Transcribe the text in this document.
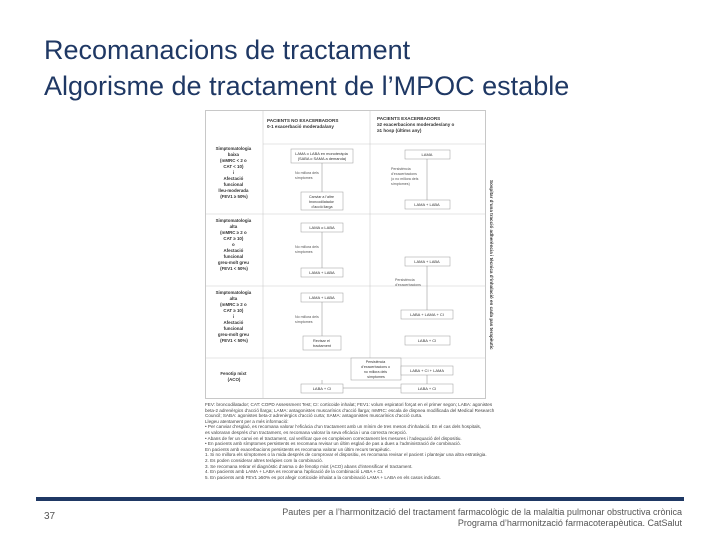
Recomanacions de tractament
Algorisme de tractament de l’MPOC estable
PACIENTS NO EXACERBADORS 0-1 exacerbació moderada/any
PACIENTS EXACERBADORS ≥2 exacerbacions moderades/any o ≥1 hosp (últims any)
Sospitar d’una tracció adherència i tècnica d’inhalació en cada pas terapèutic
Simptomatologia baixa (mMRC < 2 o CAT < 10) i Afectació funcional lleu-moderada (FEV1 ≥ 50%)
LAMA o LABA en monoteràpia (SABA o SAMA a demanda)
No millora dels símptomes
Canviar a l’altre broncodilatador d’acció llarga
LAMA
Persistència d’exacerbacions (o no millora dels símptomes)
LAMA + LABA
Simptomatologia alta (mMRC ≥ 2 o CAT ≥ 10) o Afectació funcional greu-molt greu (FEV1 < 50%)
LAMA o LABA
No millora dels símptomes
LAMA + LABA
LAMA + LABA
Persistència d’exacerbacions
LABA + LAMA + CI
Simptomatologia alta (mMRC ≥ 2 o CAT ≥ 10) i Afectació funcional greu-molt greu (FEV1 < 50%)
LAMA + LABA
No millora dels símptomes
Revisar el tractament
Fenotip mixt (ACO)
Persistència d’exacerbacions o no millora dels símptomes
LABA + CI + LAMA
LABA + CI	LABA + CI
LABA + CI
FEV: broncodilatador; CAT: COPD Assessment Test; CI: corticoide inhalat; FEV1: volum espiratori forçat en el primer segon; LABA: agonistes
beta-2 adrenèrgics d’acció llarga; LAMA: antagonistes muscarínics d’acció llarga; mMRC: escala de dispnea modificada del Medical Research
Council; SABA: agonistes beta-2 adrenèrgics d’acció curta; SAMA: antagonistes muscarínics d’acció curta.
Llegeu atentament per a més informació:
• Per canviar d’esglaó, es recomana valorar l’eficàcia d’un tractament amb un mínim de tres mesos d’inhalació. En el cas dels hospitals,
es valoraran després d’un tractament, es recomana valorar la seva eficàcia i una correcta recepció.
• Abans de fer un canvi en el tractament, cal verificar que es compleixen correctament les mesures i l’adequació del dispositiu.
• En pacients amb símptomes persistents es recomana revisar un últim esglaó de pas a dues a l’administració de combinació.
En pacients amb exacerbacions persistents es recomana valorar un últim recurs terapèutic.
1. Si no millora els símptomes o la mida després de comprovar el dispositiu, es recomana revisar el pacient i plantejar una altra estratègia.
2. Es poden considerar altres teràpies com la combinació.
3. Se recomana retirar el diagnòstic d’asma o de fenotip mixt (ACO) abans d’intensificar el tractament.
4. En pacients amb LAMA + LABA es recomana l’aplicació de la combinació LABA + CI.
5. En pacients amb FEV1 ≥50% es pot afegir corticoide inhalat a la combinació LAMA + LABA en els casos indicats.
37	Pautes per a l’harmonització del tractament farmacològic de la malaltia pulmonar obstructiva crònica
Programa d’harmonització farmacoterapèutica. CatSalut
